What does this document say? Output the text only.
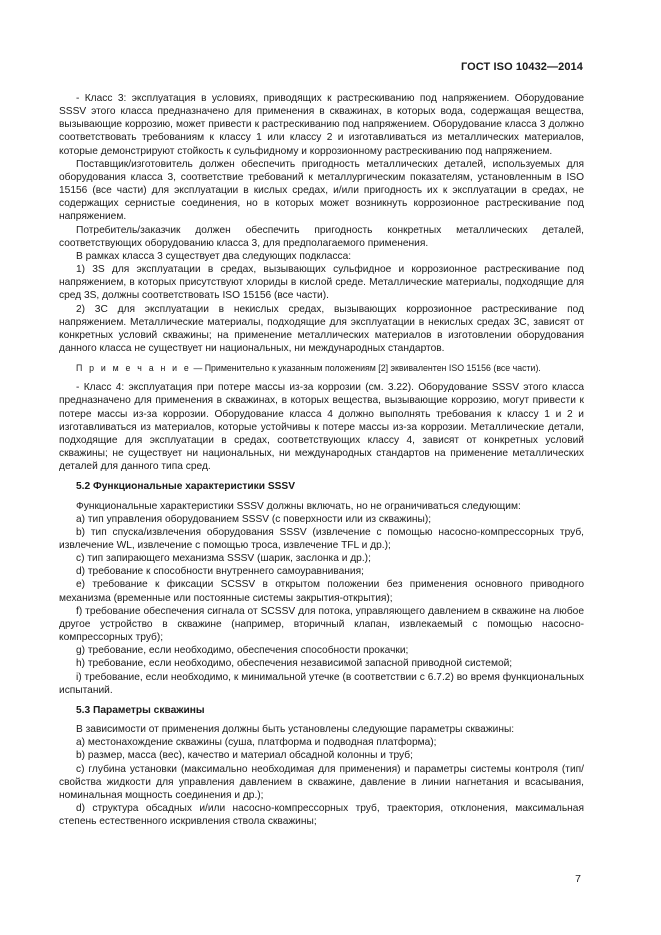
ГОСТ ISO 10432—2014

- Класс 3: эксплуатация в условиях, приводящих к растрескиванию под напряжением. Оборудование SSSV этого класса предназначено для применения в скважинах, в которых вода, содержащая вещества, вызывающие коррозию, может привести к растрескиванию под напряжением. Оборудование класса 3 должно соответствовать требованиям к классу 1 или классу 2 и изготавливаться из металлических материалов, которые демонстрируют стойкость к сульфидному и коррозионному растрескиванию под напряжением.

Поставщик/изготовитель должен обеспечить пригодность металлических деталей, используемых для оборудования класса 3, соответствие требований к металлургическим показателям, установленным в ISO 15156 (все части) для эксплуатации в кислых средах, и/или пригодность их к эксплуатации в средах, не содержащих сернистые соединения, но в которых может возникнуть коррозионное растрескивание под напряжением.

Потребитель/заказчик должен обеспечить пригодность конкретных металлических деталей, соответствующих оборудованию класса 3, для предполагаемого применения.

В рамках класса 3 существует два следующих подкласса:

1) 3S для эксплуатации в средах, вызывающих сульфидное и коррозионное растрескивание под напряжением, в которых присутствуют хлориды в кислой среде. Металлические материалы, подходящие для сред 3S, должны соответствовать ISO 15156 (все части).

2) 3C для эксплуатации в некислых средах, вызывающих коррозионное растрескивание под напряжением. Металлические материалы, подходящие для эксплуатации в некислых средах 3C, зависят от конкретных условий скважины; на применение металлических материалов в изготовлении оборудования данного класса не существует ни национальных, ни международных стандартов.

П р и м е ч а н и е — Применительно к указанным положениям [2] эквивалентен ISO 15156 (все части).

- Класс 4: эксплуатация при потере массы из-за коррозии (см. 3.22). Оборудование SSSV этого класса предназначено для применения в скважинах, в которых вещества, вызывающие коррозию, могут привести к потере массы из-за коррозии. Оборудование класса 4 должно выполнять требования к классу 1 и 2 и изготавливаться из материалов, которые устойчивы к потере массы из-за коррозии. Металлические детали, подходящие для эксплуатации в средах, соответствующих классу 4, зависят от конкретных условий скважины; не существует ни национальных, ни международных стандартов на применение металлических деталей для данного типа сред.

5.2 Функциональные характеристики SSSV

Функциональные характеристики SSSV должны включать, но не ограничиваться следующим:

a) тип управления оборудованием SSSV (с поверхности или из скважины);

b) тип спуска/извлечения оборудования SSSV (извлечение с помощью насосно-компрессорных труб, извлечение WL, извлечение с помощью троса, извлечение TFL и др.);

c) тип запирающего механизма SSSV (шарик, заслонка и др.);

d) требование к способности внутреннего самоуравнивания;

e) требование к фиксации SCSSV в открытом положении без применения основного приводного механизма (временные или постоянные системы закрытия-открытия);

f) требование обеспечения сигнала от SCSSV для потока, управляющего давлением в скважине на любое другое устройство в скважине (например, вторичный клапан, извлекаемый с помощью насосно-компрессорных труб);

g) требование, если необходимо, обеспечения способности прокачки;

h) требование, если необходимо, обеспечения независимой запасной приводной системой;

i) требование, если необходимо, к минимальной утечке (в соответствии с 6.7.2) во время функциональных испытаний.

5.3 Параметры скважины

В зависимости от применения должны быть установлены следующие параметры скважины:

a) местонахождение скважины (суша, платформа и подводная платформа);

b) размер, масса (вес), качество и материал обсадной колонны и труб;

c) глубина установки (максимально необходимая для применения) и параметры системы контроля (тип/свойства жидкости для управления давлением в скважине, давление в линии нагнетания и всасывания, номинальная мощность соединения и др.);

d) структура обсадных и/или насосно-компрессорных труб, траектория, отклонения, максимальная степень естественного искривления ствола скважины;

7
